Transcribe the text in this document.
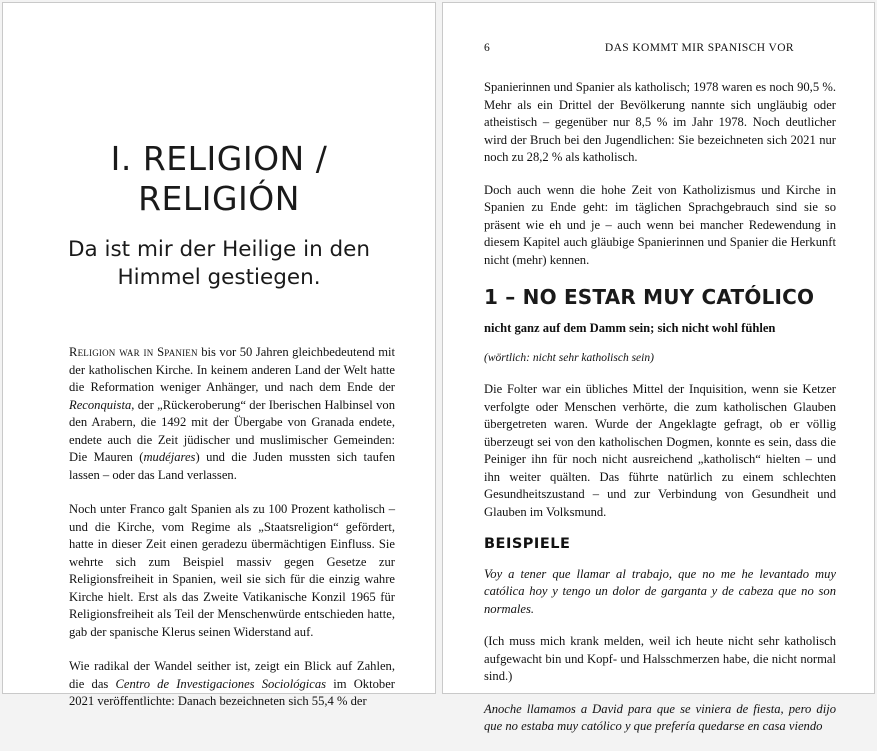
I. RELIGION /
RELIGIÓN

Da ist mir der Heilige in den Himmel gestiegen.

Religion war in Spanien bis vor 50 Jahren gleichbedeutend mit der katholischen Kirche. In keinem anderen Land der Welt hatte die Reformation weniger Anhänger, und nach dem Ende der Reconquista, der „Rückeroberung“ der Iberischen Halbinsel von den Arabern, die 1492 mit der Übergabe von Granada endete, endete auch die Zeit jüdischer und muslimischer Gemeinden: Die Mauren (mudéjares) und die Juden mussten sich taufen lassen – oder das Land verlassen.

Noch unter Franco galt Spanien als zu 100 Prozent katholisch – und die Kirche, vom Regime als „Staatsreligion“ gefördert, hatte in dieser Zeit einen geradezu übermächtigen Einfluss. Sie wehrte sich zum Beispiel massiv gegen Gesetze zur Religionsfreiheit in Spanien, weil sie sich für die einzig wahre Kirche hielt. Erst als das Zweite Vatikanische Konzil 1965 für Religionsfreiheit als Teil der Menschenwürde entschieden hatte, gab der spanische Klerus seinen Widerstand auf.

Wie radikal der Wandel seither ist, zeigt ein Blick auf Zahlen, die das Centro de Investigaciones Sociológicas im Oktober 2021 veröffentlichte: Danach bezeichneten sich 55,4 % der

6	DAS KOMMT MIR SPANISCH VOR

Spanierinnen und Spanier als katholisch; 1978 waren es noch 90,5 %. Mehr als ein Drittel der Bevölkerung nannte sich ungläubig oder atheistisch – gegenüber nur 8,5 % im Jahr 1978. Noch deutlicher wird der Bruch bei den Jugendlichen: Sie bezeichneten sich 2021 nur noch zu 28,2 % als katholisch.

Doch auch wenn die hohe Zeit von Katholizismus und Kirche in Spanien zu Ende geht: im täglichen Sprachgebrauch sind sie so präsent wie eh und je – auch wenn bei mancher Redewendung in diesem Kapitel auch gläubige Spanierinnen und Spanier die Herkunft nicht (mehr) kennen.

1 – NO ESTAR MUY CATÓLICO

nicht ganz auf dem Damm sein; sich nicht wohl fühlen

(wörtlich: nicht sehr katholisch sein)

Die Folter war ein übliches Mittel der Inquisition, wenn sie Ketzer verfolgte oder Menschen verhörte, die zum katholischen Glauben übergetreten waren. Wurde der Angeklagte gefragt, ob er völlig überzeugt sei von den katholischen Dogmen, konnte es sein, dass die Peiniger ihn für noch nicht ausreichend „katholisch“ hielten – und ihn weiter quälten. Das führte natürlich zu einem schlechten Gesundheitszustand – und zur Verbindung von Gesundheit und Glauben im Volksmund.

BEISPIELE

Voy a tener que llamar al trabajo, que no me he levantado muy católica hoy y tengo un dolor de garganta y de cabeza que no son normales.

(Ich muss mich krank melden, weil ich heute nicht sehr katholisch aufgewacht bin und Kopf- und Halsschmerzen habe, die nicht normal sind.)

Anoche llamamos a David para que se viniera de fiesta, pero dijo que no estaba muy católico y que prefería quedarse en casa viendo
